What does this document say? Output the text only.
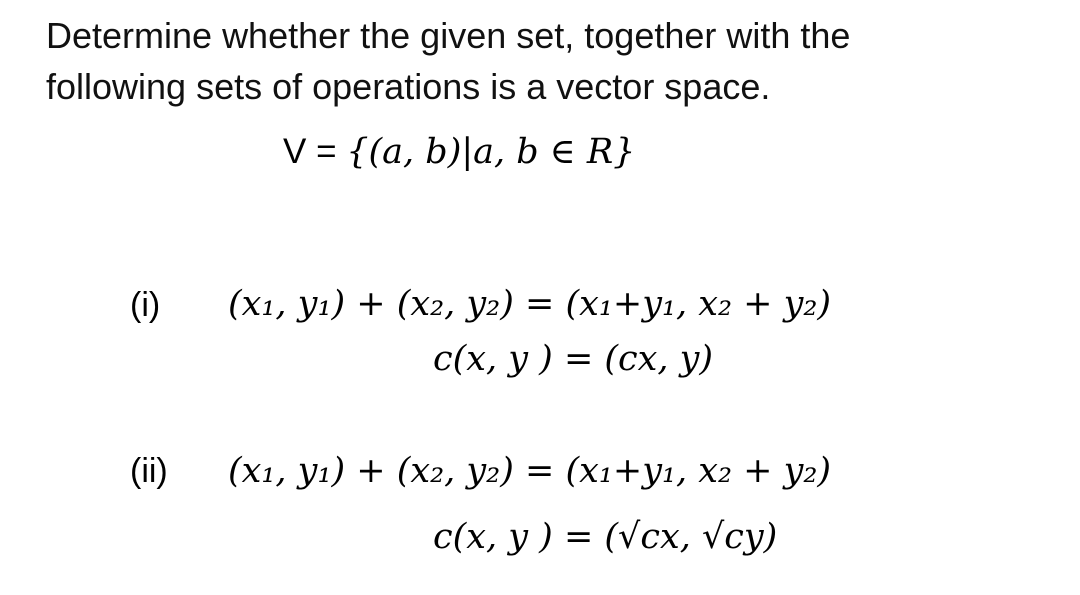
Determine whether the given set, together with the
following sets of operations is a vector space.
V = {(a, b)|a, b ∈ R}
(i) (x₁, y₁) + (x₂, y₂) = (x₁+y₁, x₂ + y₂)
c(x, y ) = (cx, y)
(ii) (x₁, y₁) + (x₂, y₂) = (x₁+y₁, x₂ + y₂)
c(x, y ) = (√cx, √cy)
